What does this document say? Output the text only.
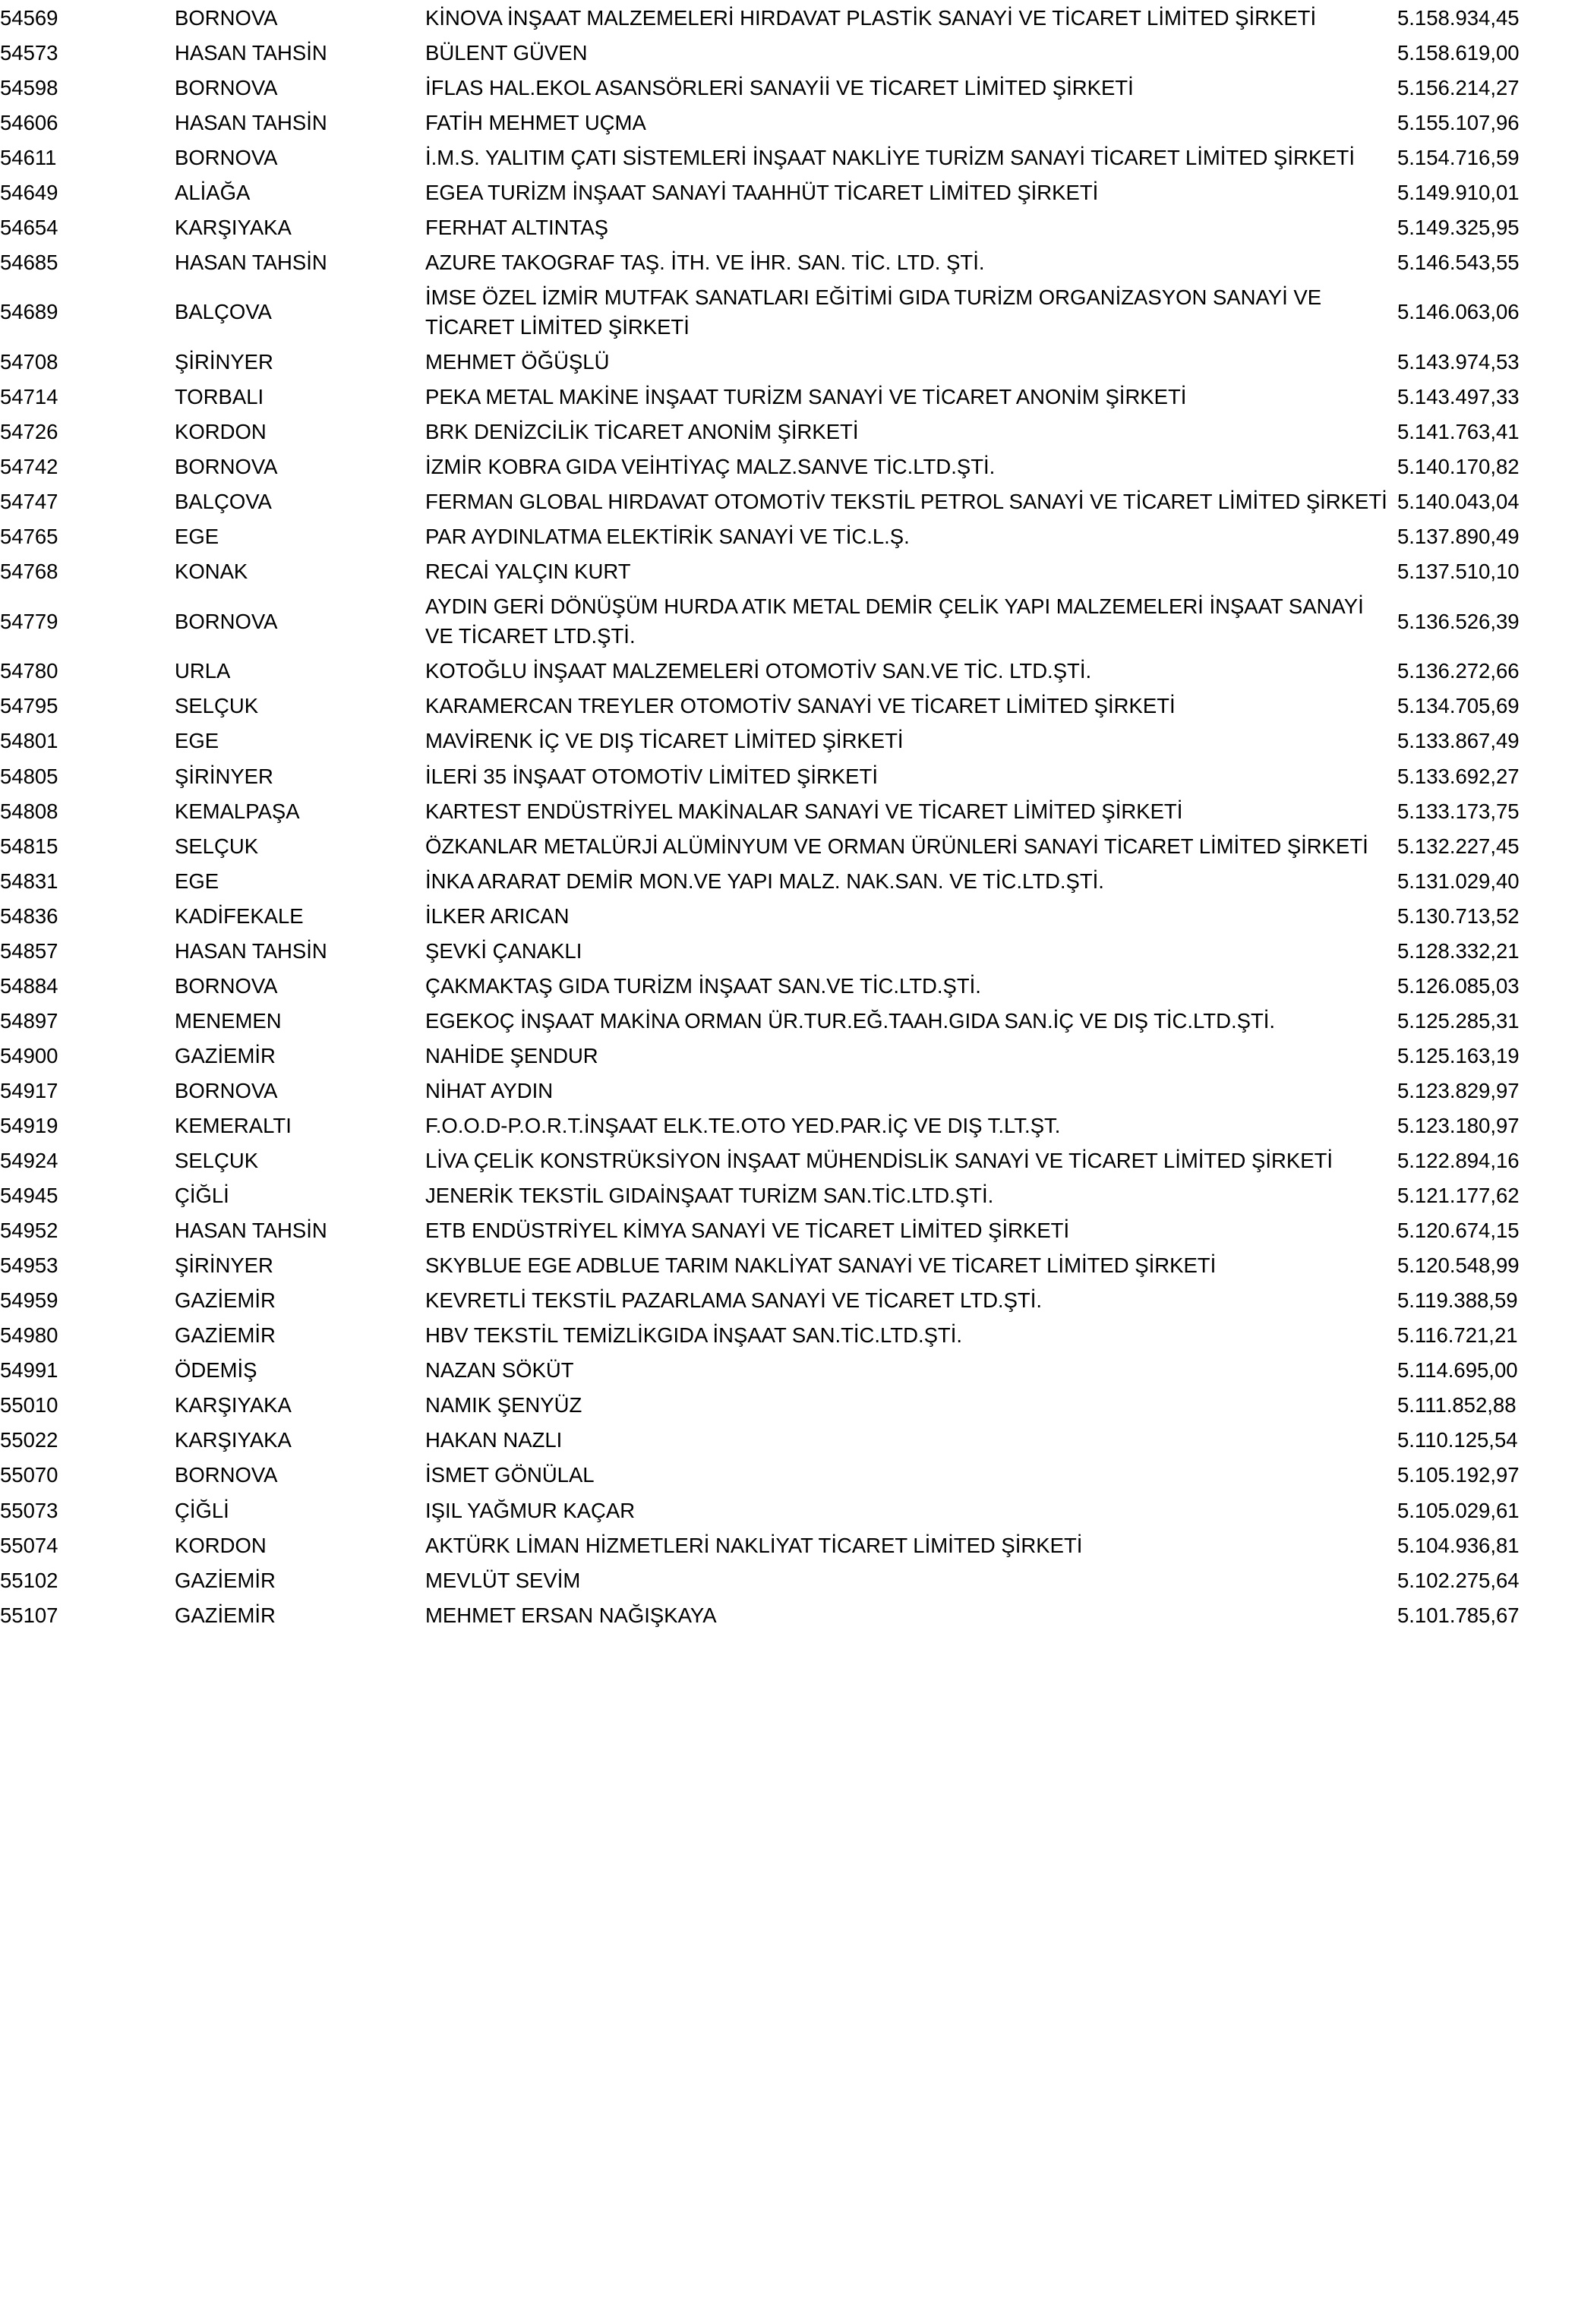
54569		BORNOVA	KİNOVA İNŞAAT MALZEMELERİ HIRDAVAT PLASTİK SANAYİ VE TİCARET LİMİTED ŞİRKETİ	5.158.934,45
54573		HASAN TAHSİN	BÜLENT GÜVEN	5.158.619,00
54598		BORNOVA	İFLAS HAL.EKOL ASANSÖRLERİ SANAYİİ VE TİCARET LİMİTED ŞİRKETİ	5.156.214,27
54606		HASAN TAHSİN	FATİH MEHMET UÇMA	5.155.107,96
54611		BORNOVA	İ.M.S. YALITIM ÇATI SİSTEMLERİ İNŞAAT NAKLİYE TURİZM SANAYİ TİCARET LİMİTED ŞİRKETİ	5.154.716,59
54649		ALİAĞA	EGEA TURİZM İNŞAAT SANAYİ TAAHHÜT TİCARET LİMİTED ŞİRKETİ	5.149.910,01
54654		KARŞIYAKA	FERHAT ALTINTAŞ	5.149.325,95
54685		HASAN TAHSİN	AZURE TAKOGRAF TAŞ. İTH. VE İHR. SAN. TİC. LTD. ŞTİ.	5.146.543,55
54689		BALÇOVA	İMSE ÖZEL İZMİR MUTFAK SANATLARI EĞİTİMİ GIDA TURİZM ORGANİZASYON SANAYİ VE TİCARET LİMİTED ŞİRKETİ	5.146.063,06
54708		ŞİRİNYER	MEHMET ÖĞÜŞLÜ	5.143.974,53
54714		TORBALI	PEKA METAL MAKİNE İNŞAAT TURİZM SANAYİ VE TİCARET ANONİM ŞİRKETİ	5.143.497,33
54726		KORDON	BRK DENİZCİLİK TİCARET ANONİM ŞİRKETİ	5.141.763,41
54742		BORNOVA	İZMİR KOBRA GIDA VEİHTİYAÇ MALZ.SANVE TİC.LTD.ŞTİ.	5.140.170,82
54747		BALÇOVA	FERMAN GLOBAL HIRDAVAT OTOMOTİV TEKSTİL PETROL SANAYİ VE TİCARET LİMİTED ŞİRKETİ	5.140.043,04
54765		EGE	PAR AYDINLATMA ELEKTİRİK SANAYİ VE TİC.L.Ş.	5.137.890,49
54768		KONAK	RECAİ YALÇIN KURT	5.137.510,10
54779		BORNOVA	AYDIN GERİ DÖNÜŞÜM HURDA ATIK METAL DEMİR ÇELİK YAPI MALZEMELERİ İNŞAAT SANAYİ VE TİCARET LTD.ŞTİ.	5.136.526,39
54780		URLA	KOTOĞLU İNŞAAT MALZEMELERİ OTOMOTİV SAN.VE TİC. LTD.ŞTİ.	5.136.272,66
54795		SELÇUK	KARAMERCAN TREYLER OTOMOTİV SANAYİ VE TİCARET LİMİTED ŞİRKETİ	5.134.705,69
54801		EGE	MAVİRENK İÇ VE DIŞ TİCARET LİMİTED ŞİRKETİ	5.133.867,49
54805		ŞİRİNYER	İLERİ 35 İNŞAAT OTOMOTİV LİMİTED ŞİRKETİ	5.133.692,27
54808		KEMALPAŞA	KARTEST ENDÜSTRİYEL MAKİNALAR SANAYİ VE TİCARET LİMİTED ŞİRKETİ	5.133.173,75
54815		SELÇUK	ÖZKANLAR METALÜRJİ ALÜMİNYUM VE ORMAN ÜRÜNLERİ SANAYİ TİCARET LİMİTED ŞİRKETİ	5.132.227,45
54831		EGE	İNKA ARARAT DEMİR MON.VE YAPI MALZ. NAK.SAN. VE TİC.LTD.ŞTİ.	5.131.029,40
54836		KADİFEKALE	İLKER ARICAN	5.130.713,52
54857		HASAN TAHSİN	ŞEVKİ ÇANAKLI	5.128.332,21
54884		BORNOVA	ÇAKMAKTAŞ GIDA TURİZM İNŞAAT SAN.VE TİC.LTD.ŞTİ.	5.126.085,03
54897		MENEMEN	EGEKOÇ İNŞAAT MAKİNA ORMAN ÜR.TUR.EĞ.TAAH.GIDA SAN.İÇ VE DIŞ TİC.LTD.ŞTİ.	5.125.285,31
54900		GAZİEMİR	NAHİDE ŞENDUR	5.125.163,19
54917		BORNOVA	NİHAT AYDIN	5.123.829,97
54919		KEMERALTI	F.O.O.D-P.O.R.T.İNŞAAT ELK.TE.OTO YED.PAR.İÇ VE DIŞ T.LT.ŞT.	5.123.180,97
54924		SELÇUK	LİVA ÇELİK KONSTRÜKSİYON İNŞAAT MÜHENDİSLİK SANAYİ VE TİCARET LİMİTED ŞİRKETİ	5.122.894,16
54945		ÇİĞLİ	JENERİK TEKSTİL GIDAİNŞAAT TURİZM SAN.TİC.LTD.ŞTİ.	5.121.177,62
54952		HASAN TAHSİN	ETB ENDÜSTRİYEL KİMYA SANAYİ VE TİCARET LİMİTED ŞİRKETİ	5.120.674,15
54953		ŞİRİNYER	SKYBLUE EGE ADBLUE TARIM NAKLİYAT SANAYİ VE TİCARET LİMİTED ŞİRKETİ	5.120.548,99
54959		GAZİEMİR	KEVRETLİ TEKSTİL PAZARLAMA SANAYİ VE TİCARET LTD.ŞTİ.	5.119.388,59
54980		GAZİEMİR	HBV TEKSTİL TEMİZLİKGIDA İNŞAAT SAN.TİC.LTD.ŞTİ.	5.116.721,21
54991		ÖDEMİŞ	NAZAN SÖKÜT	5.114.695,00
55010		KARŞIYAKA	NAMIK ŞENYÜZ	5.111.852,88
55022		KARŞIYAKA	HAKAN NAZLI	5.110.125,54
55070		BORNOVA	İSMET GÖNÜLAL	5.105.192,97
55073		ÇİĞLİ	IŞIL YAĞMUR KAÇAR	5.105.029,61
55074		KORDON	AKTÜRK LİMAN HİZMETLERİ NAKLİYAT TİCARET LİMİTED ŞİRKETİ	5.104.936,81
55102		GAZİEMİR	MEVLÜT SEVİM	5.102.275,64
55107		GAZİEMİR	MEHMET ERSAN NAĞIŞKAYA	5.101.785,67
